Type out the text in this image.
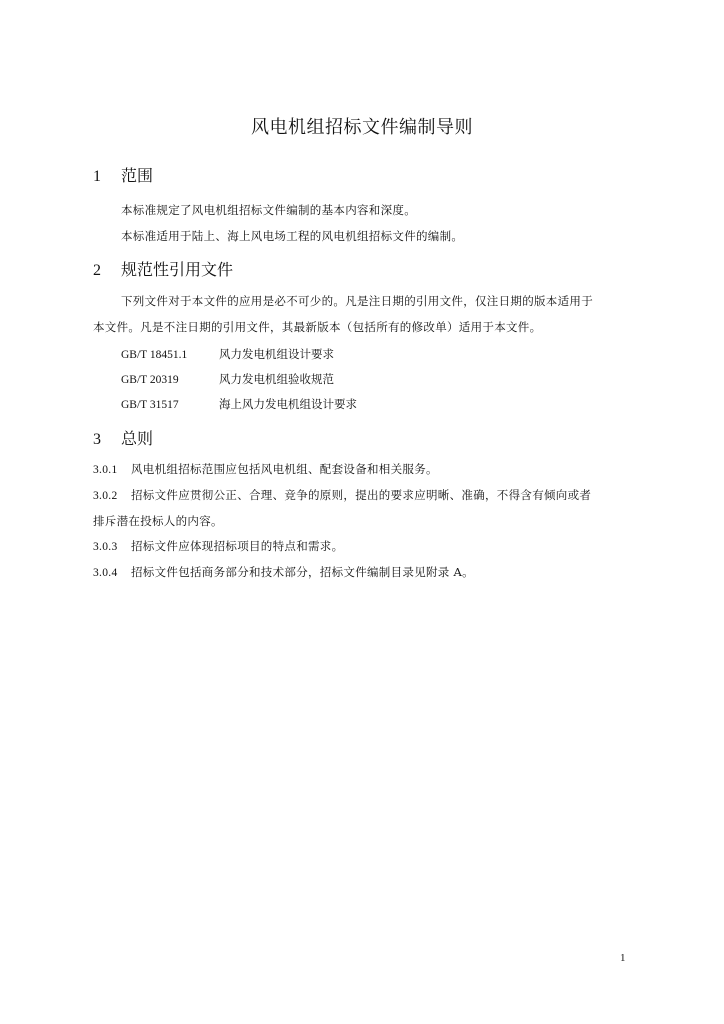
风电机组招标文件编制导则
1 范围
本标准规定了风电机组招标文件编制的基本内容和深度。
本标准适用于陆上、海上风电场工程的风电机组招标文件的编制。
2 规范性引用文件
下列文件对于本文件的应用是必不可少的。凡是注日期的引用文件，仅注日期的版本适用于
本文件。凡是不注日期的引用文件，其最新版本（包括所有的修改单）适用于本文件。
GB/T 18451.1	风力发电机组设计要求
GB/T 20319	风力发电机组验收规范
GB/T 31517	海上风力发电机组设计要求
3 总则
3.0.1 风电机组招标范围应包括风电机组、配套设备和相关服务。
3.0.2 招标文件应贯彻公正、合理、竞争的原则，提出的要求应明晰、准确，不得含有倾向或者
排斥潜在投标人的内容。
3.0.3 招标文件应体现招标项目的特点和需求。
3.0.4 招标文件包括商务部分和技术部分，招标文件编制目录见附录 A。
1
